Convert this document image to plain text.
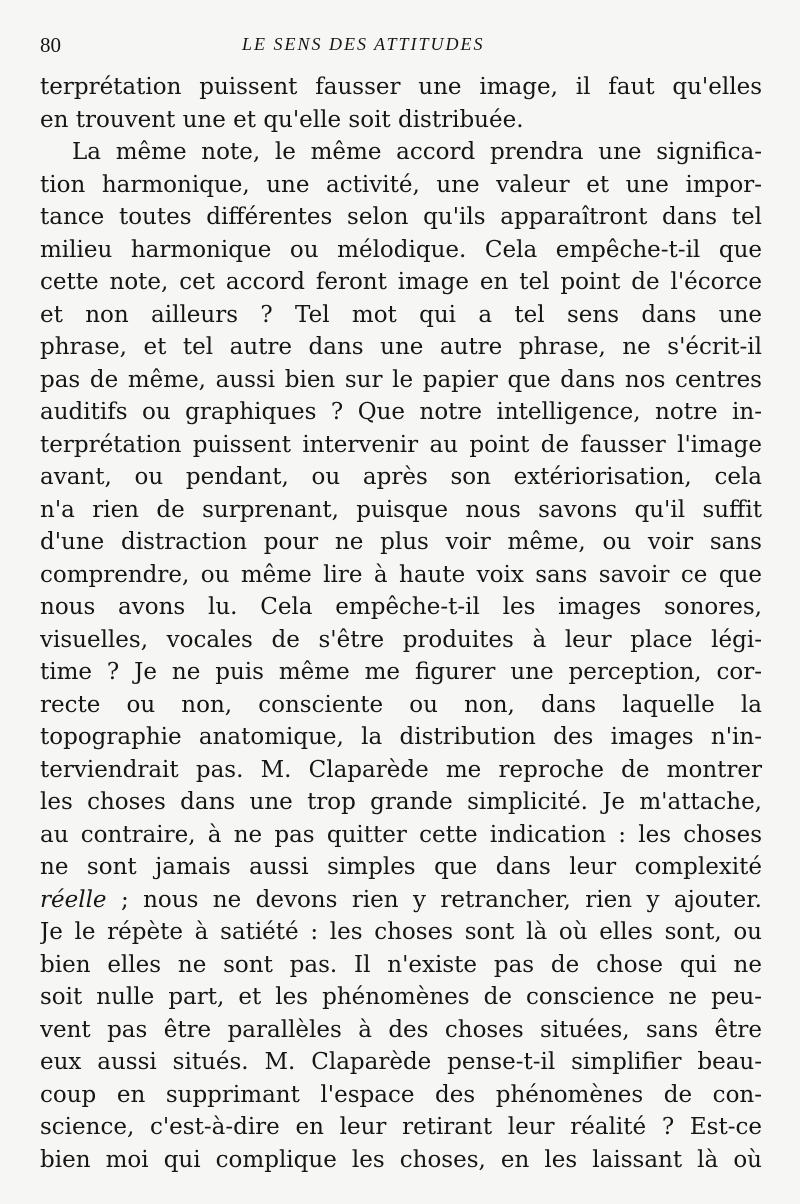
80	LE SENS DES ATTITUDES
terprétation puissent fausser une image, il faut qu'elles
en trouvent une et qu'elle soit distribuée.
La même note, le même accord prendra une significa-
tion harmonique, une activité, une valeur et une impor-
tance toutes différentes selon qu'ils apparaîtront dans tel
milieu harmonique ou mélodique. Cela empêche-t-il que
cette note, cet accord feront image en tel point de l'écorce
et non ailleurs ? Tel mot qui a tel sens dans une
phrase, et tel autre dans une autre phrase, ne s'écrit-il
pas de même, aussi bien sur le papier que dans nos centres
auditifs ou graphiques ? Que notre intelligence, notre in-
terprétation puissent intervenir au point de fausser l'image
avant, ou pendant, ou après son extériorisation, cela
n'a rien de surprenant, puisque nous savons qu'il suffit
d'une distraction pour ne plus voir même, ou voir sans
comprendre, ou même lire à haute voix sans savoir ce que
nous avons lu. Cela empêche-t-il les images sonores,
visuelles, vocales de s'être produites à leur place légi-
time ? Je ne puis même me figurer une perception, cor-
recte ou non, consciente ou non, dans laquelle la
topographie anatomique, la distribution des images n'in-
terviendrait pas. M. Claparède me reproche de montrer
les choses dans une trop grande simplicité. Je m'attache,
au contraire, à ne pas quitter cette indication : les choses
ne sont jamais aussi simples que dans leur complexité
réelle ; nous ne devons rien y retrancher, rien y ajouter.
Je le répète à satiété : les choses sont là où elles sont, ou
bien elles ne sont pas. Il n'existe pas de chose qui ne
soit nulle part, et les phénomènes de conscience ne peu-
vent pas être parallèles à des choses situées, sans être
eux aussi situés. M. Claparède pense-t-il simplifier beau-
coup en supprimant l'espace des phénomènes de con-
science, c'est-à-dire en leur retirant leur réalité ? Est-ce
bien moi qui complique les choses, en les laissant là où
